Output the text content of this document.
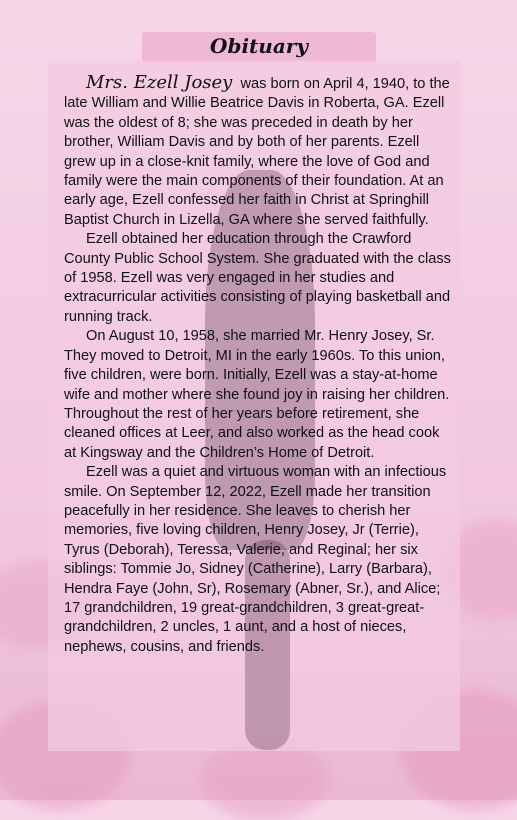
Obituary

Mrs. Ezell Josey was born on April 4, 1940, to the late William and Willie Beatrice Davis in Roberta, GA. Ezell was the oldest of 8; she was preceded in death by her brother, William Davis and by both of her parents. Ezell grew up in a close-knit family, where the love of God and family were the main components of their foundation. At an early age, Ezell confessed her faith in Christ at Springhill Baptist Church in Lizella, GA where she served faithfully.

Ezell obtained her education through the Crawford County Public School System. She graduated with the class of 1958. Ezell was very engaged in her studies and extracurricular activities consisting of playing basketball and running track.

On August 10, 1958, she married Mr. Henry Josey, Sr. They moved to Detroit, MI in the early 1960s. To this union, five children, were born. Initially, Ezell was a stay-at-home wife and mother where she found joy in raising her children. Throughout the rest of her years before retirement, she cleaned offices at Leer, and also worked as the head cook at Kingsway and the Children’s Home of Detroit.

Ezell was a quiet and virtuous woman with an infectious smile. On September 12, 2022, Ezell made her transition peacefully in her residence. She leaves to cherish her memories, five loving children, Henry Josey, Jr (Terrie), Tyrus (Deborah), Teressa, Valerie, and Reginal; her six siblings: Tommie Jo, Sidney (Catherine), Larry (Barbara), Hendra Faye (John, Sr), Rosemary (Abner, Sr.), and Alice; 17 grandchildren, 19 great-grandchildren, 3 great-great-grandchildren, 2 uncles, 1 aunt, and a host of nieces, nephews, cousins, and friends.
